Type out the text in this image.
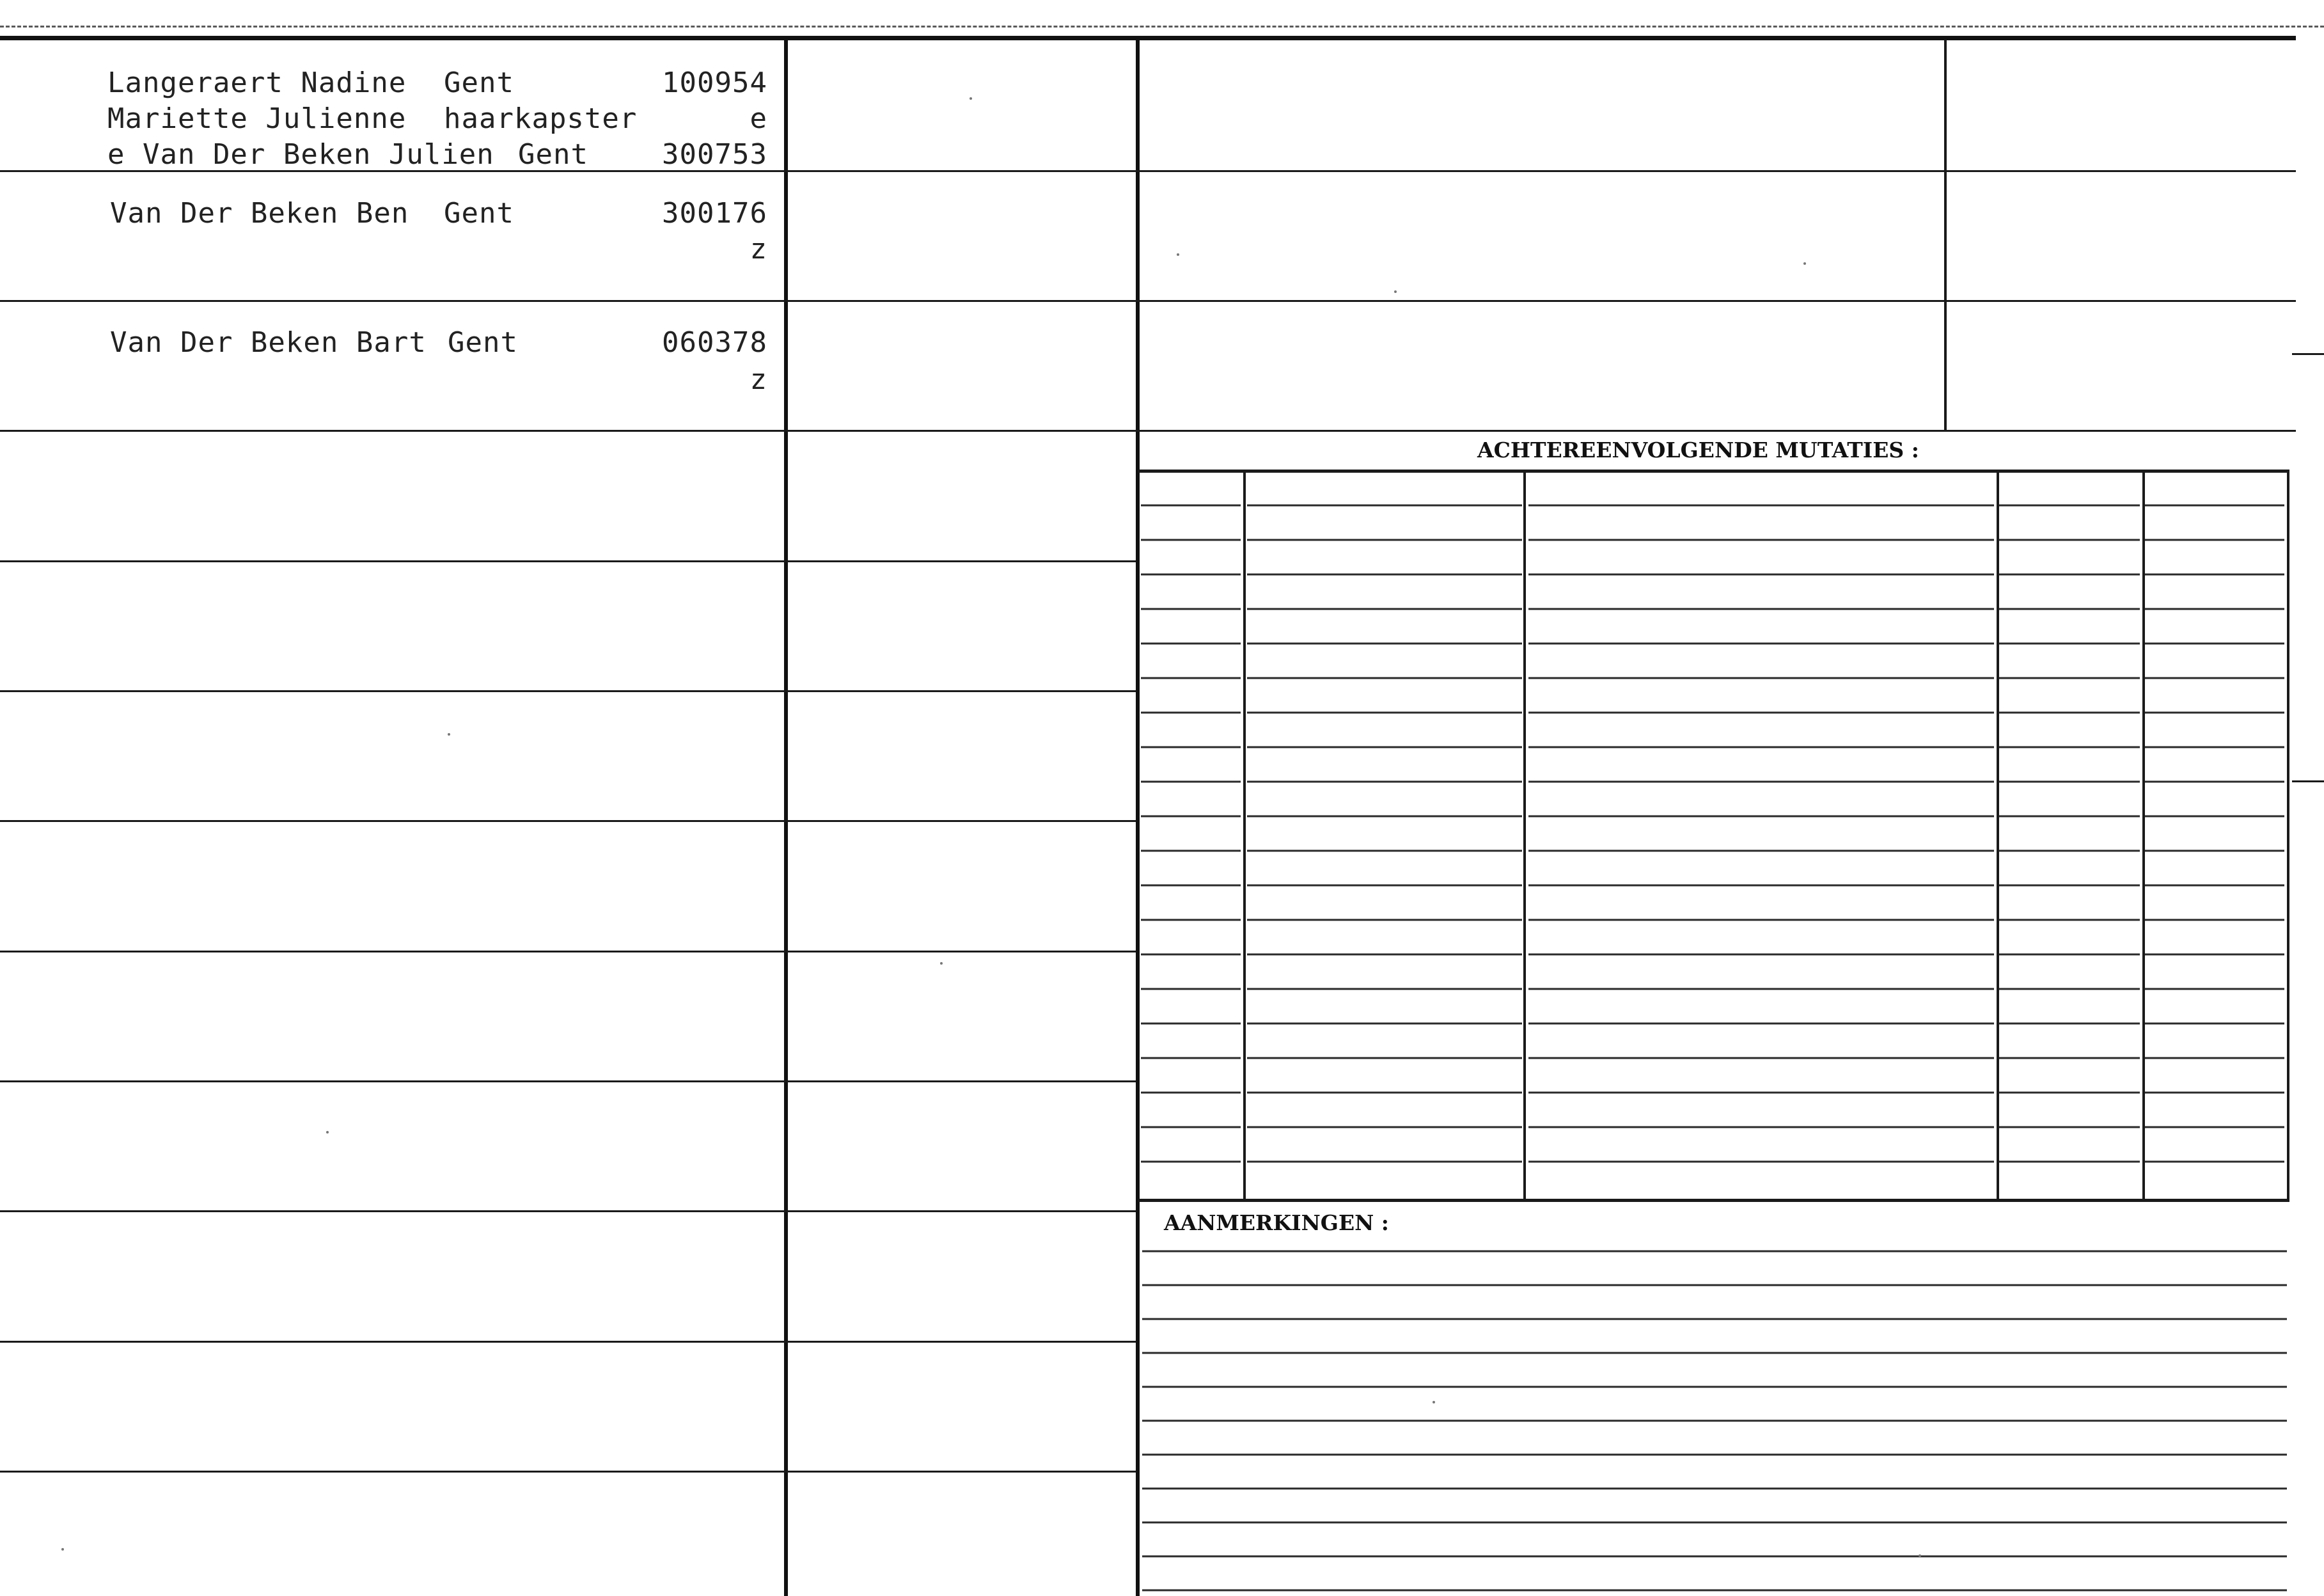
Langeraert Nadine
Mariette Julienne
e Van Der Beken Julien
Gent
haarkapster
Gent
100954
e
300753
Van Der Beken Ben Gent	300176
z
Van Der Beken Bart Gent	060378
z
ACHTEREENVOLGENDE MUTATIES :
AANMERKINGEN :
